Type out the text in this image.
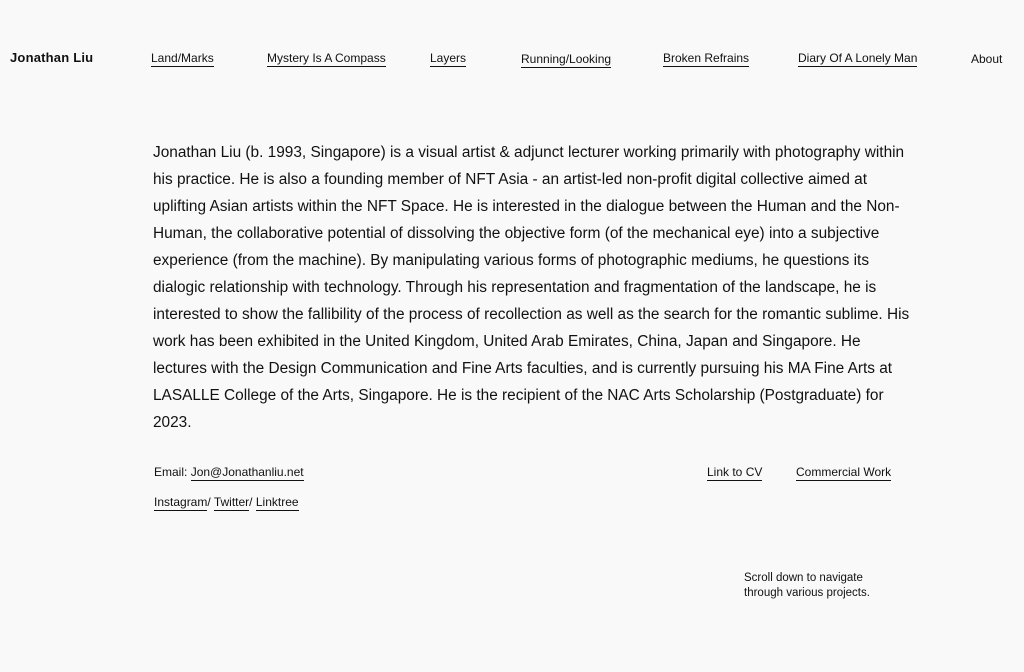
Jonathan Liu	Land/Marks	Mystery Is A Compass	Layers	Running/Looking	Broken Refrains	Diary Of A Lonely Man	About

Jonathan Liu (b. 1993, Singapore) is a visual artist & adjunct lecturer working primarily with photography within his practice. He is also a founding member of NFT Asia - an artist-led non-profit digital collective aimed at uplifting Asian artists within the NFT Space. He is interested in the dialogue between the Human and the Non-Human, the collaborative potential of dissolving the objective form (of the mechanical eye) into a subjective experience (from the machine). By manipulating various forms of photographic mediums, he questions its dialogic relationship with technology. Through his representation and fragmentation of the landscape, he is interested to show the fallibility of the process of recollection as well as the search for the romantic sublime. His work has been exhibited in the United Kingdom, United Arab Emirates, China, Japan and Singapore. He lectures with the Design Communication and Fine Arts faculties, and is currently pursuing his MA Fine Arts at LASALLE College of the Arts, Singapore. He is the recipient of the NAC Arts Scholarship (Postgraduate) for 2023.

Email: Jon@Jonathanliu.net	Link to CV	Commercial Work
Instagram/ Twitter/ Linktree
Scroll down to navigate through various projects.
